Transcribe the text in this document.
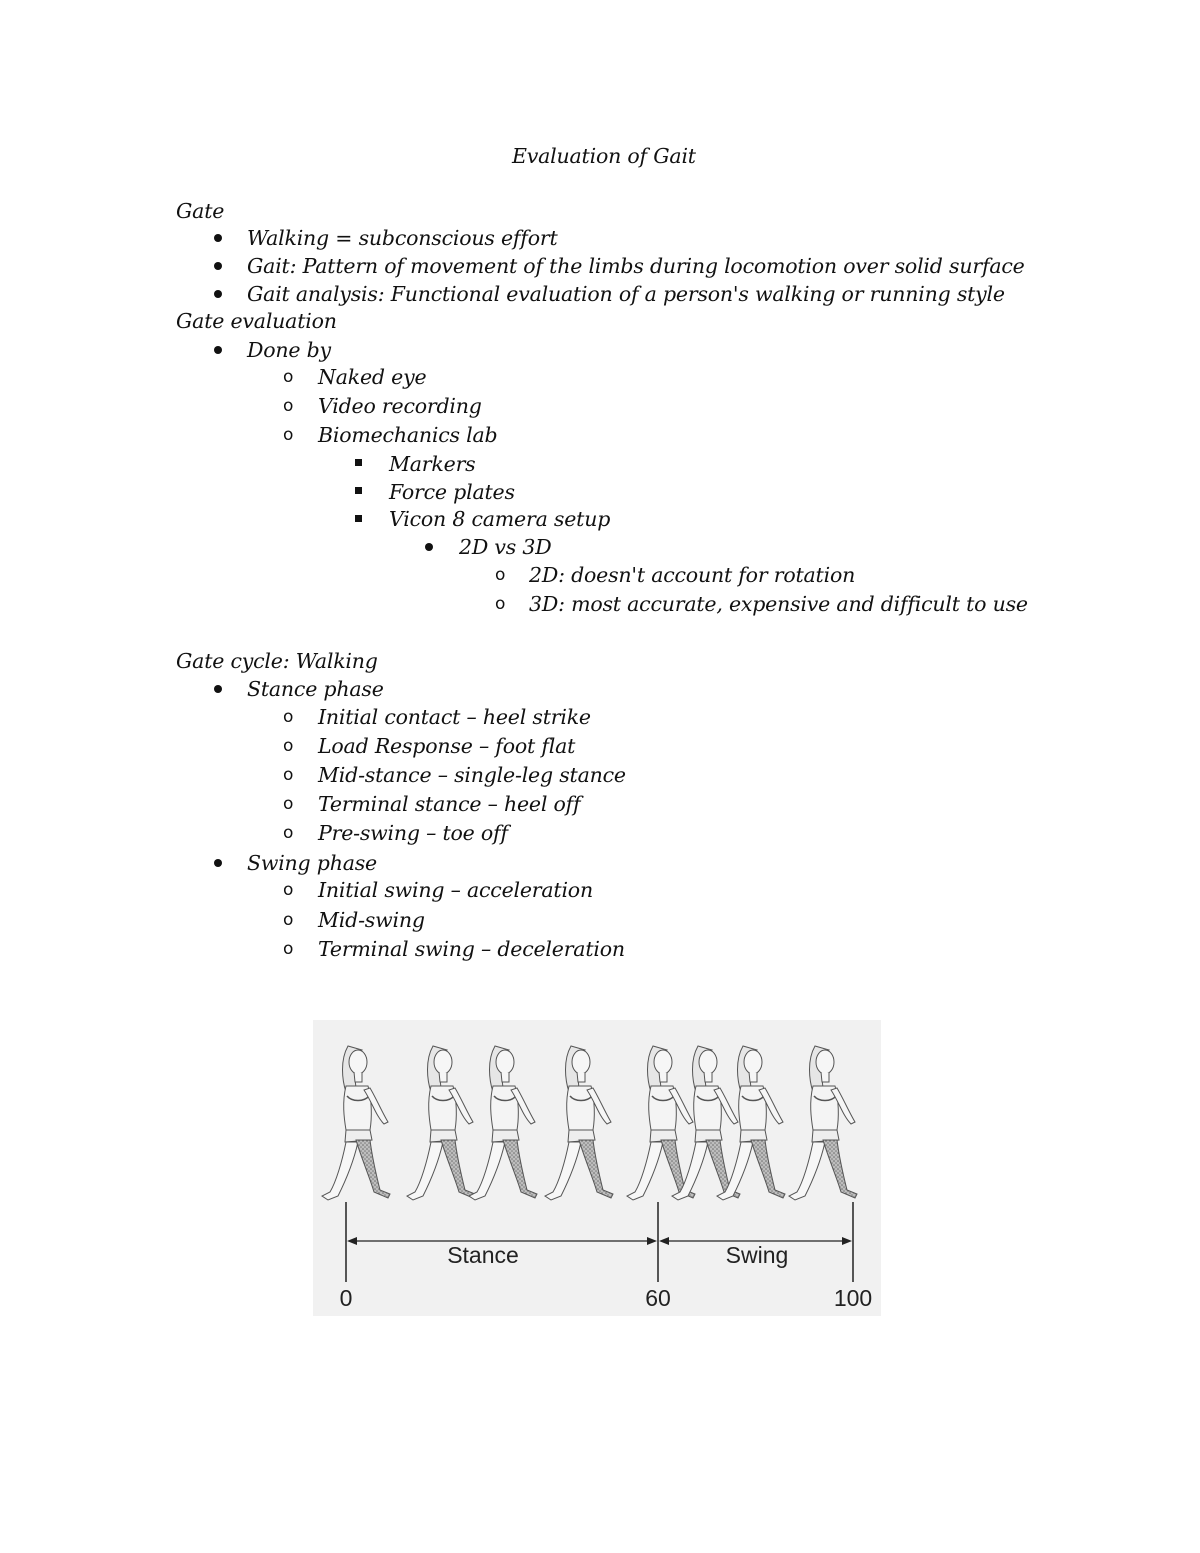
Evaluation of Gait
Gate
Walking = subconscious effort
Gait: Pattern of movement of the limbs during locomotion over solid surface
Gait analysis: Functional evaluation of a person's walking or running style
Gate evaluation
Done by
o Naked eye
o Video recording
o Biomechanics lab
Markers
Force plates
Vicon 8 camera setup
2D vs 3D
o 2D: doesn't account for rotation
o 3D: most accurate, expensive and difficult to use
Gate cycle: Walking
Stance phase
o Initial contact – heel strike
o Load Response – foot flat
o Mid-stance – single-leg stance
o Terminal stance – heel off
o Pre-swing – toe off
Swing phase
o Initial swing – acceleration
o Mid-swing
o Terminal swing – deceleration
Stance	Swing
0	60	100
